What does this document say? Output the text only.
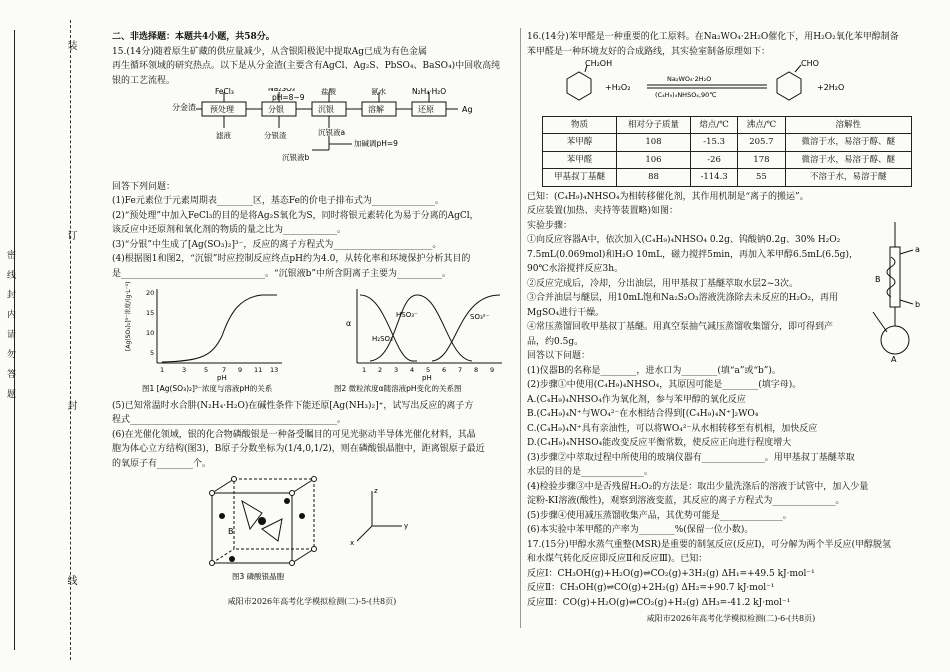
装
订
封
线
密 线 封 内 请 勿 答 题
二、非选择题：本题共4小题，共58分。
15.(14分)随着原生矿藏的供应量减少，从含银阳极泥中提取Ag已成为有色金属
再生循环领域的研究热点。以下是从分金渣(主要含有AgCl、Ag₂S、PbSO₄、BaSO₄)中回收高纯
银的工艺流程。
分金渣 预处理	分银	沉银	溶解	还原	Ag
FeCl₃	Na₂SO₃
pH=8~9
盐酸	氨水	N₂H₄·H₂O
滤液	分银渣	沉银液a
加碱调pH=9
沉银液b
回答下列问题：
(1)Fe元素位于元素周期表________区，基态Fe的价电子排布式为______________。
(2)“预处理”中加入FeCl₃的目的是将Ag₂S氧化为S，同时将银元素转化为易于分离的AgCl，
该反应中还原剂和氧化剂的物质的量之比为____________。
(3)“分银”中生成了[Ag(SO₃)₂]³⁻，反应的离子方程式为______________________。
(4)根据图1和图2，“沉银”时应控制反应终点pH约为4.0，从转化率和环境保护分析其目的
是________________________________。“沉银液b”中所含阴离子主要为__________。
1	3	5 7 9 11 13
20
15
10
5
pH
[Ag(SO₃)₂]³⁻浓度/(g·L⁻¹)
图1 [Ag(SO₃)₂]³⁻浓度与溶液pH的关系
HSO₃⁻	SO₃²⁻
H₂SO₃
α
1 2 3 4 5 6 7 8 9
pH
图2 微粒浓度α随溶液pH变化的关系图
(5)已知常温时水合肼(N₂H₄·H₂O)在碱性条件下能还原[Ag(NH₃)₂]⁺，试写出反应的离子方
程式______________________________________________。
(6)在光催化领域，银的化合物磷酸银是一种备受瞩目的可见光驱动半导体光催化材料，其晶
胞为体心立方结构(图3)，B原子分数坐标为(1/4,0,1/2)，则在磷酸银晶胞中，距离银原子最近
的氧原子有________个。
B
z
y
x
图3 磷酸银晶胞
咸阳市2026年高考化学模拟检测(二)-5-(共8页)
16.(14分)苯甲醛是一种重要的化工原料。在Na₂WO₄·2H₂O催化下，用H₂O₂氧化苯甲醇制备
苯甲醛是一种环境友好的合成路线，其实验室制备原理如下：
CH₂OH
+H₂O₂
Na₂WO₄·2H₂O
(C₄H₉)₄NHSO₄,90℃
CHO
+2H₂O
物质	相对分子质量	熔点/℃	沸点/℃	溶解性
苯甲醇	108	-15.3	205.7	微溶于水，易溶于醇、醚
苯甲醛	106	-26	178	微溶于水，易溶于醇、醚
甲基叔丁基醚	88	-114.3	55	不溶于水，易溶于醚
a
b
B
A
已知：(C₄H₉)₄NHSO₄为相转移催化剂，其作用机制是“离子的搬运”。
反应装置(加热、夹持等装置略)如图：
实验步骤：
①向反应容器A中，依次加入(C₄H₉)₄NHSO₄ 0.2g、钨酸钠0.2g、30% H₂O₂
7.5mL(0.069mol)和H₂O 10mL，磁力搅拌5min，再加入苯甲醇6.5mL(6.5g)，
90℃水浴搅拌反应3h。
②反应完成后，冷却，分出油层，用甲基叔丁基醚萃取水层2~3次。
③合并油层与醚层，用10mL饱和Na₂S₂O₃溶液洗涤除去未反应的H₂O₂，再用
MgSO₄进行干燥。
④常压蒸馏回收甲基叔丁基醚。用真空泵抽气减压蒸馏收集馏分，即可得到产
品，约0.5g。
回答以下问题：
(1)仪器B的名称是________，进水口为________(填“a”或“b”)。
(2)步骤①中使用(C₄H₉)₄NHSO₄，其原因可能是________(填字母)。
A.(C₄H₉)₄NHSO₄作为氧化剂，参与苯甲醇的氧化反应
B.(C₄H₉)₄N⁺与WO₄²⁻在水相结合得到[(C₄H₉)₄N⁺]₂WO₄
C.(C₄H₉)₄N⁺具有亲油性，可以将WO₄²⁻从水相转移至有机相，加快反应
D.(C₄H₉)₄NHSO₄能改变反应平衡常数，使反应正向进行程度增大
(3)步骤②中萃取过程中所使用的玻璃仪器有______________。用甲基叔丁基醚萃取
水层的目的是______________。
(4)检验步骤③中是否残留H₂O₂的方法是：取出少量洗涤后的溶液于试管中，加入少量
淀粉-KI溶液(酸性)，观察到溶液变蓝，其反应的离子方程式为______________。
(5)步骤④使用减压蒸馏收集产品，其优势可能是______________。
(6)本实验中苯甲醛的产率为________%(保留一位小数)。
17.(15分)甲醇水蒸气重整(MSR)是重要的制氢反应(反应Ⅰ)，可分解为两个半反应(甲醇脱氢
和水煤气转化反应即反应Ⅱ和反应Ⅲ)。已知：
反应Ⅰ：CH₃OH(g)+H₂O(g)⇌CO₂(g)+3H₂(g) ΔH₁=+49.5 kJ·mol⁻¹
反应Ⅱ：CH₃OH(g)⇌CO(g)+2H₂(g) ΔH₂=+90.7 kJ·mol⁻¹
反应Ⅲ：CO(g)+H₂O(g)⇌CO₂(g)+H₂(g) ΔH₃=-41.2 kJ·mol⁻¹
咸阳市2026年高考化学模拟检测(二)-6-(共8页)
